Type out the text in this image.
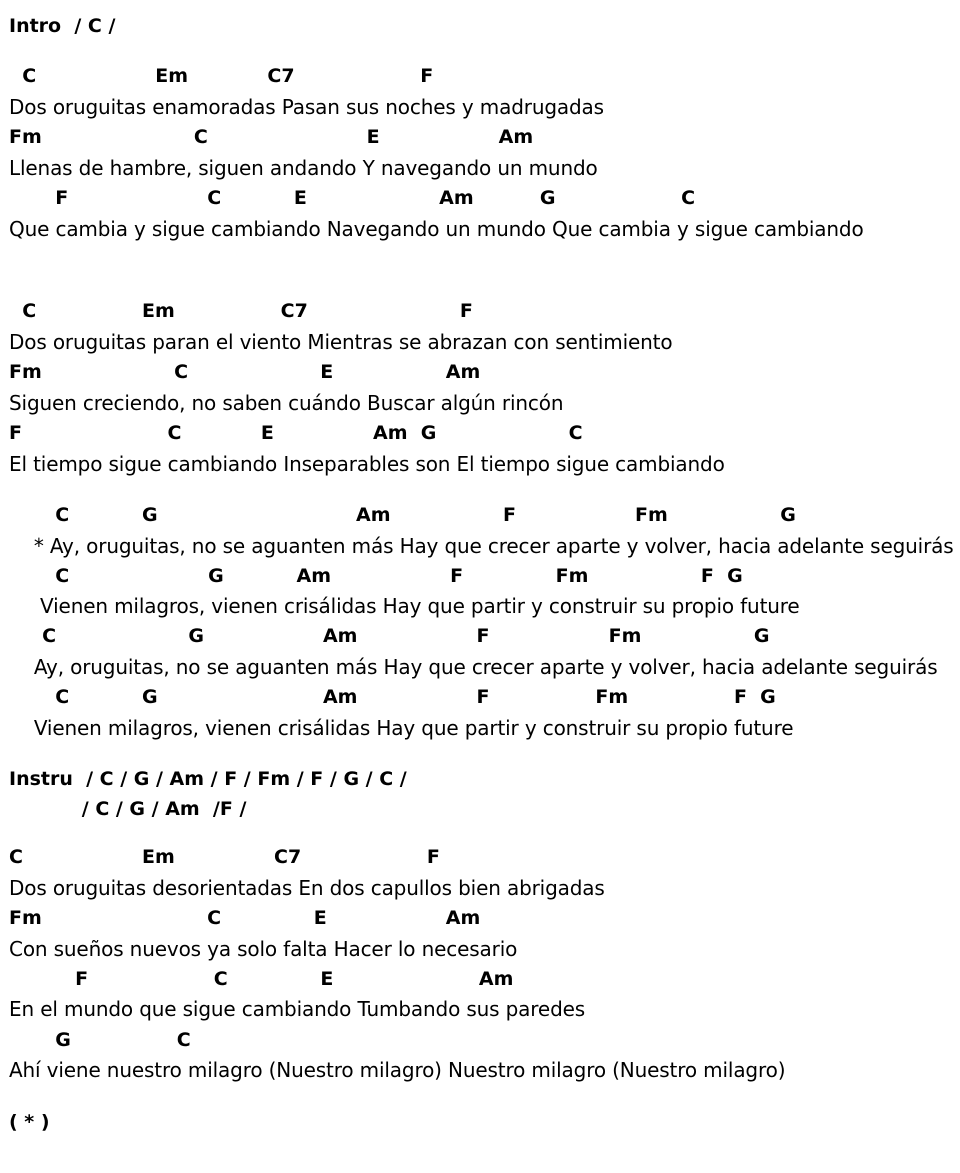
Intro  / C /
C                  Em            C7                   F
Dos oruguitas enamoradas Pasan sus noches y madrugadas
Fm                       C                        E                  Am
Llenas de hambre, siguen andando Y navegando un mundo
F                     C           E                    Am          G                   C
Que cambia y sigue cambiando Navegando un mundo Que cambia y sigue cambiando
C                Em                C7                       F
Dos oruguitas paran el viento Mientras se abrazan con sentimiento
Fm                    C                    E                 Am
Siguen creciendo, no saben cuándo Buscar algún rincón
F                      C            E               Am  G                    C
El tiempo sigue cambiando Inseparables son El tiempo sigue cambiando
C           G                              Am                 F                  Fm                 G
* Ay, oruguitas, no se aguanten más Hay que crecer aparte y volver, hacia adelante seguirás
C                     G           Am                  F              Fm                 F  G
Vienen milagros, vienen crisálidas Hay que partir y construir su propio future
C                    G                  Am                  F                  Fm                 G
Ay, oruguitas, no se aguanten más Hay que crecer aparte y volver, hacia adelante seguirás
C           G                         Am                  F                Fm                F  G
Vienen milagros, vienen crisálidas Hay que partir y construir su propio future
Instru  / C / G / Am / F / Fm / F / G / C /
/ C / G / Am  /F /
C                  Em               C7                   F
Dos oruguitas desorientadas En dos capullos bien abrigadas
Fm                         C              E                  Am
Con sueños nuevos ya solo falta Hacer lo necesario
F                   C              E                      Am
En el mundo que sigue cambiando Tumbando sus paredes
G                C
Ahí viene nuestro milagro (Nuestro milagro) Nuestro milagro (Nuestro milagro)
( * )
